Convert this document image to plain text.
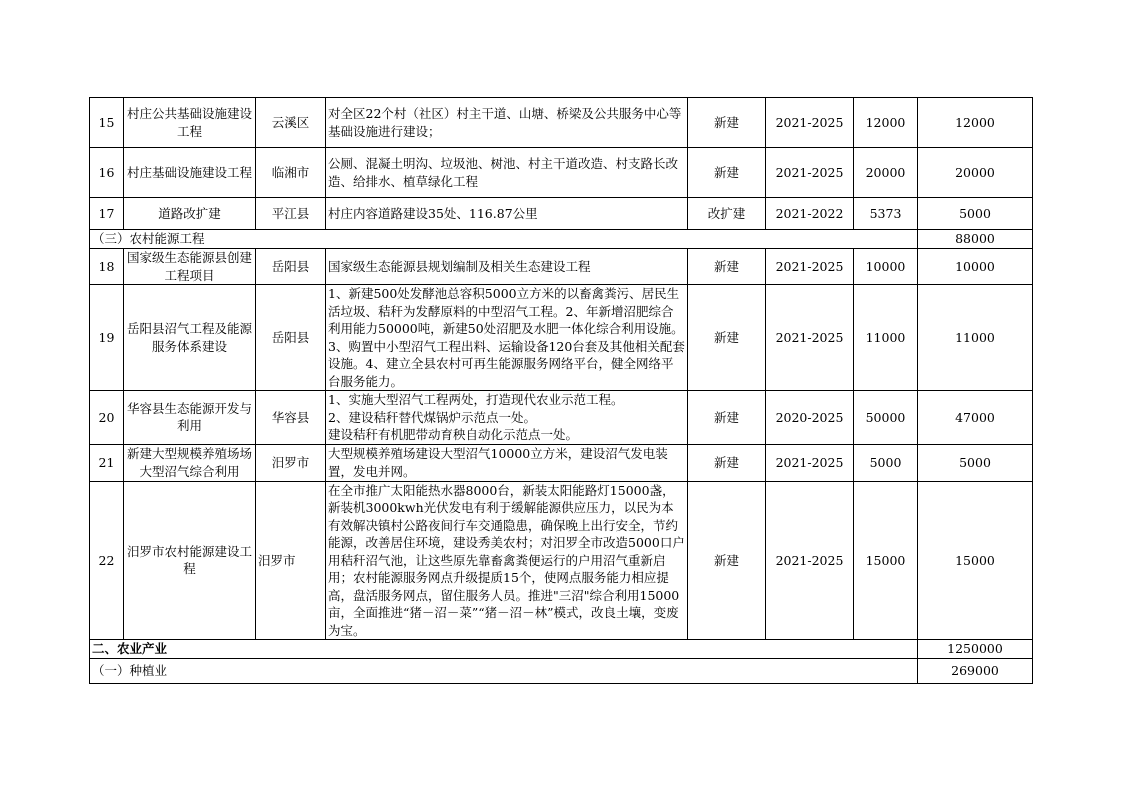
15	村庄公共基础设施建设工程	云溪区	对全区22个村（社区）村主干道、山塘、桥梁及公共服务中心等基础设施进行建设；	新建	2021-2025	12000	12000
16	村庄基础设施建设工程	临湘市	公厕、混凝土明沟、垃圾池、树池、村主干道改造、村支路长改造、给排水、植草绿化工程	新建	2021-2025	20000	20000
17	道路改扩建	平江县	村庄内容道路建设35处、116.87公里	改扩建	2021-2022	5373	5000
（三）农村能源工程							88000
18	国家级生态能源县创建工程项目	岳阳县	国家级生态能源县规划编制及相关生态建设工程	新建	2021-2025	10000	10000
19	岳阳县沼气工程及能源服务体系建设	岳阳县	1、新建500处发酵池总容积5000立方米的以畜禽粪污、居民生活垃圾、秸秆为发酵原料的中型沼气工程。2、年新增沼肥综合利用能力50000吨，新建50处沼肥及水肥一体化综合利用设施。3、购置中小型沼气工程出料、运输设备120台套及其他相关配套设施。4、建立全县农村可再生能源服务网络平台，健全网络平台服务能力。	新建	2021-2025	11000	11000
20	华容县生态能源开发与利用	华容县	1、实施大型沼气工程两处，打造现代农业示范工程。
2、建设秸秆替代煤锅炉示范点一处。
建设秸秆有机肥带动育秧自动化示范点一处。	新建	2020-2025	50000	47000
21	新建大型规模养殖场场大型沼气综合利用	汨罗市	大型规模养殖场建设大型沼气10000立方米，建设沼气发电装置，发电并网。	新建	2021-2025	5000	5000
22	汨罗市农村能源建设工程	汨罗市	在全市推广太阳能热水器8000台，新装太阳能路灯15000盏，新装机3000kwh光伏发电有利于缓解能源供应压力，以民为本有效解决镇村公路夜间行车交通隐患，确保晚上出行安全，节约能源，改善居住环境，建设秀美农村；对汨罗全市改造5000口户用秸秆沼气池，让这些原先靠畜禽粪便运行的户用沼气重新启用；农村能源服务网点升级提质15个，使网点服务能力相应提高，盘活服务网点，留住服务人员。推进"三沼"综合利用15000亩，全面推进“猪－沼－菜”“猪－沼－林”模式，改良土壤，变废为宝。	新建	2021-2025	15000	15000
二、农业产业							1250000
（一）种植业							269000
